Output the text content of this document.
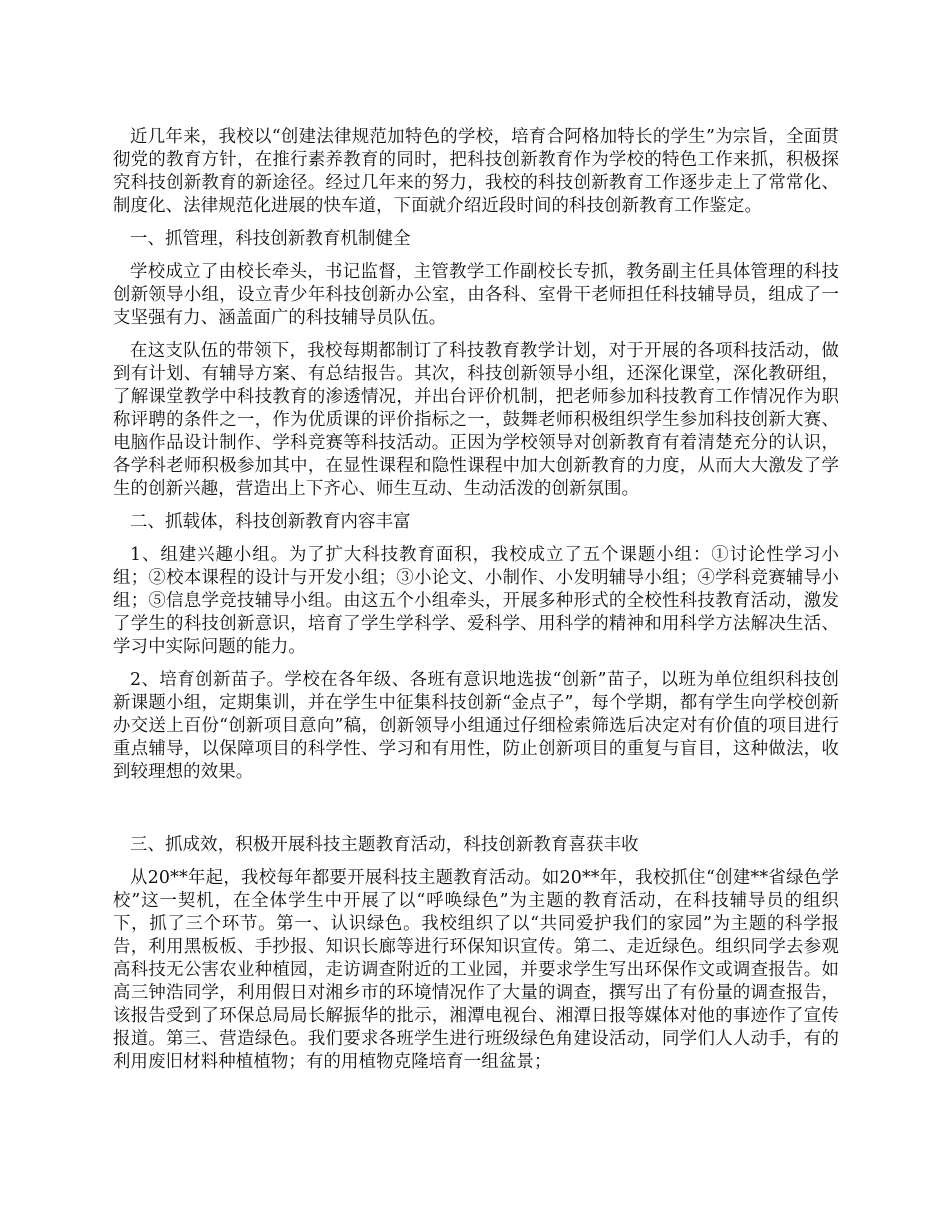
近几年来，我校以“创建法律规范加特色的学校，培育合阿格加特长的学生”为宗旨，全面贯彻党的教育方针，在推行素养教育的同时，把科技创新教育作为学校的特色工作来抓，积极探究科技创新教育的新途径。经过几年来的努力，我校的科技创新教育工作逐步走上了常常化、制度化、法律规范化进展的快车道，下面就介绍近段时间的科技创新教育工作鉴定。

一、抓管理，科技创新教育机制健全

学校成立了由校长牵头，书记监督，主管教学工作副校长专抓，教务副主任具体管理的科技创新领导小组，设立青少年科技创新办公室，由各科、室骨干老师担任科技辅导员，组成了一支坚强有力、涵盖面广的科技辅导员队伍。

在这支队伍的带领下，我校每期都制订了科技教育教学计划，对于开展的各项科技活动，做到有计划、有辅导方案、有总结报告。其次，科技创新领导小组，还深化课堂，深化教研组，了解课堂教学中科技教育的渗透情况，并出台评价机制，把老师参加科技教育工作情况作为职称评聘的条件之一，作为优质课的评价指标之一，鼓舞老师积极组织学生参加科技创新大赛、电脑作品设计制作、学科竞赛等科技活动。正因为学校领导对创新教育有着清楚充分的认识，各学科老师积极参加其中，在显性课程和隐性课程中加大创新教育的力度，从而大大激发了学生的创新兴趣，营造出上下齐心、师生互动、生动活泼的创新氛围。

二、抓载体，科技创新教育内容丰富

1、组建兴趣小组。为了扩大科技教育面积，我校成立了五个课题小组：①讨论性学习小组；②校本课程的设计与开发小组；③小论文、小制作、小发明辅导小组；④学科竞赛辅导小组；⑤信息学竞技辅导小组。由这五个小组牵头，开展多种形式的全校性科技教育活动，激发了学生的科技创新意识，培育了学生学科学、爱科学、用科学的精神和用科学方法解决生活、学习中实际问题的能力。

2、培育创新苗子。学校在各年级、各班有意识地选拔“创新”苗子，以班为单位组织科技创新课题小组，定期集训，并在学生中征集科技创新“金点子”，每个学期，都有学生向学校创新办交送上百份“创新项目意向”稿，创新领导小组通过仔细检索筛选后决定对有价值的项目进行重点辅导，以保障项目的科学性、学习和有用性，防止创新项目的重复与盲目，这种做法，收到较理想的效果。

三、抓成效，积极开展科技主题教育活动，科技创新教育喜获丰收

从20**年起，我校每年都要开展科技主题教育活动。如20**年，我校抓住“创建**省绿色学校”这一契机，在全体学生中开展了以“呼唤绿色”为主题的教育活动，在科技辅导员的组织下，抓了三个环节。第一、认识绿色。我校组织了以“共同爱护我们的家园”为主题的科学报告，利用黑板板、手抄报、知识长廊等进行环保知识宣传。第二、走近绿色。组织同学去参观高科技无公害农业种植园，走访调查附近的工业园，并要求学生写出环保作文或调查报告。如高三钟浩同学，利用假日对湘乡市的环境情况作了大量的调查，撰写出了有份量的调查报告，该报告受到了环保总局局长解振华的批示，湘潭电视台、湘潭日报等媒体对他的事迹作了宣传报道。第三、营造绿色。我们要求各班学生进行班级绿色角建设活动，同学们人人动手，有的利用废旧材料种植植物；有的用植物克隆培育一组盆景；
